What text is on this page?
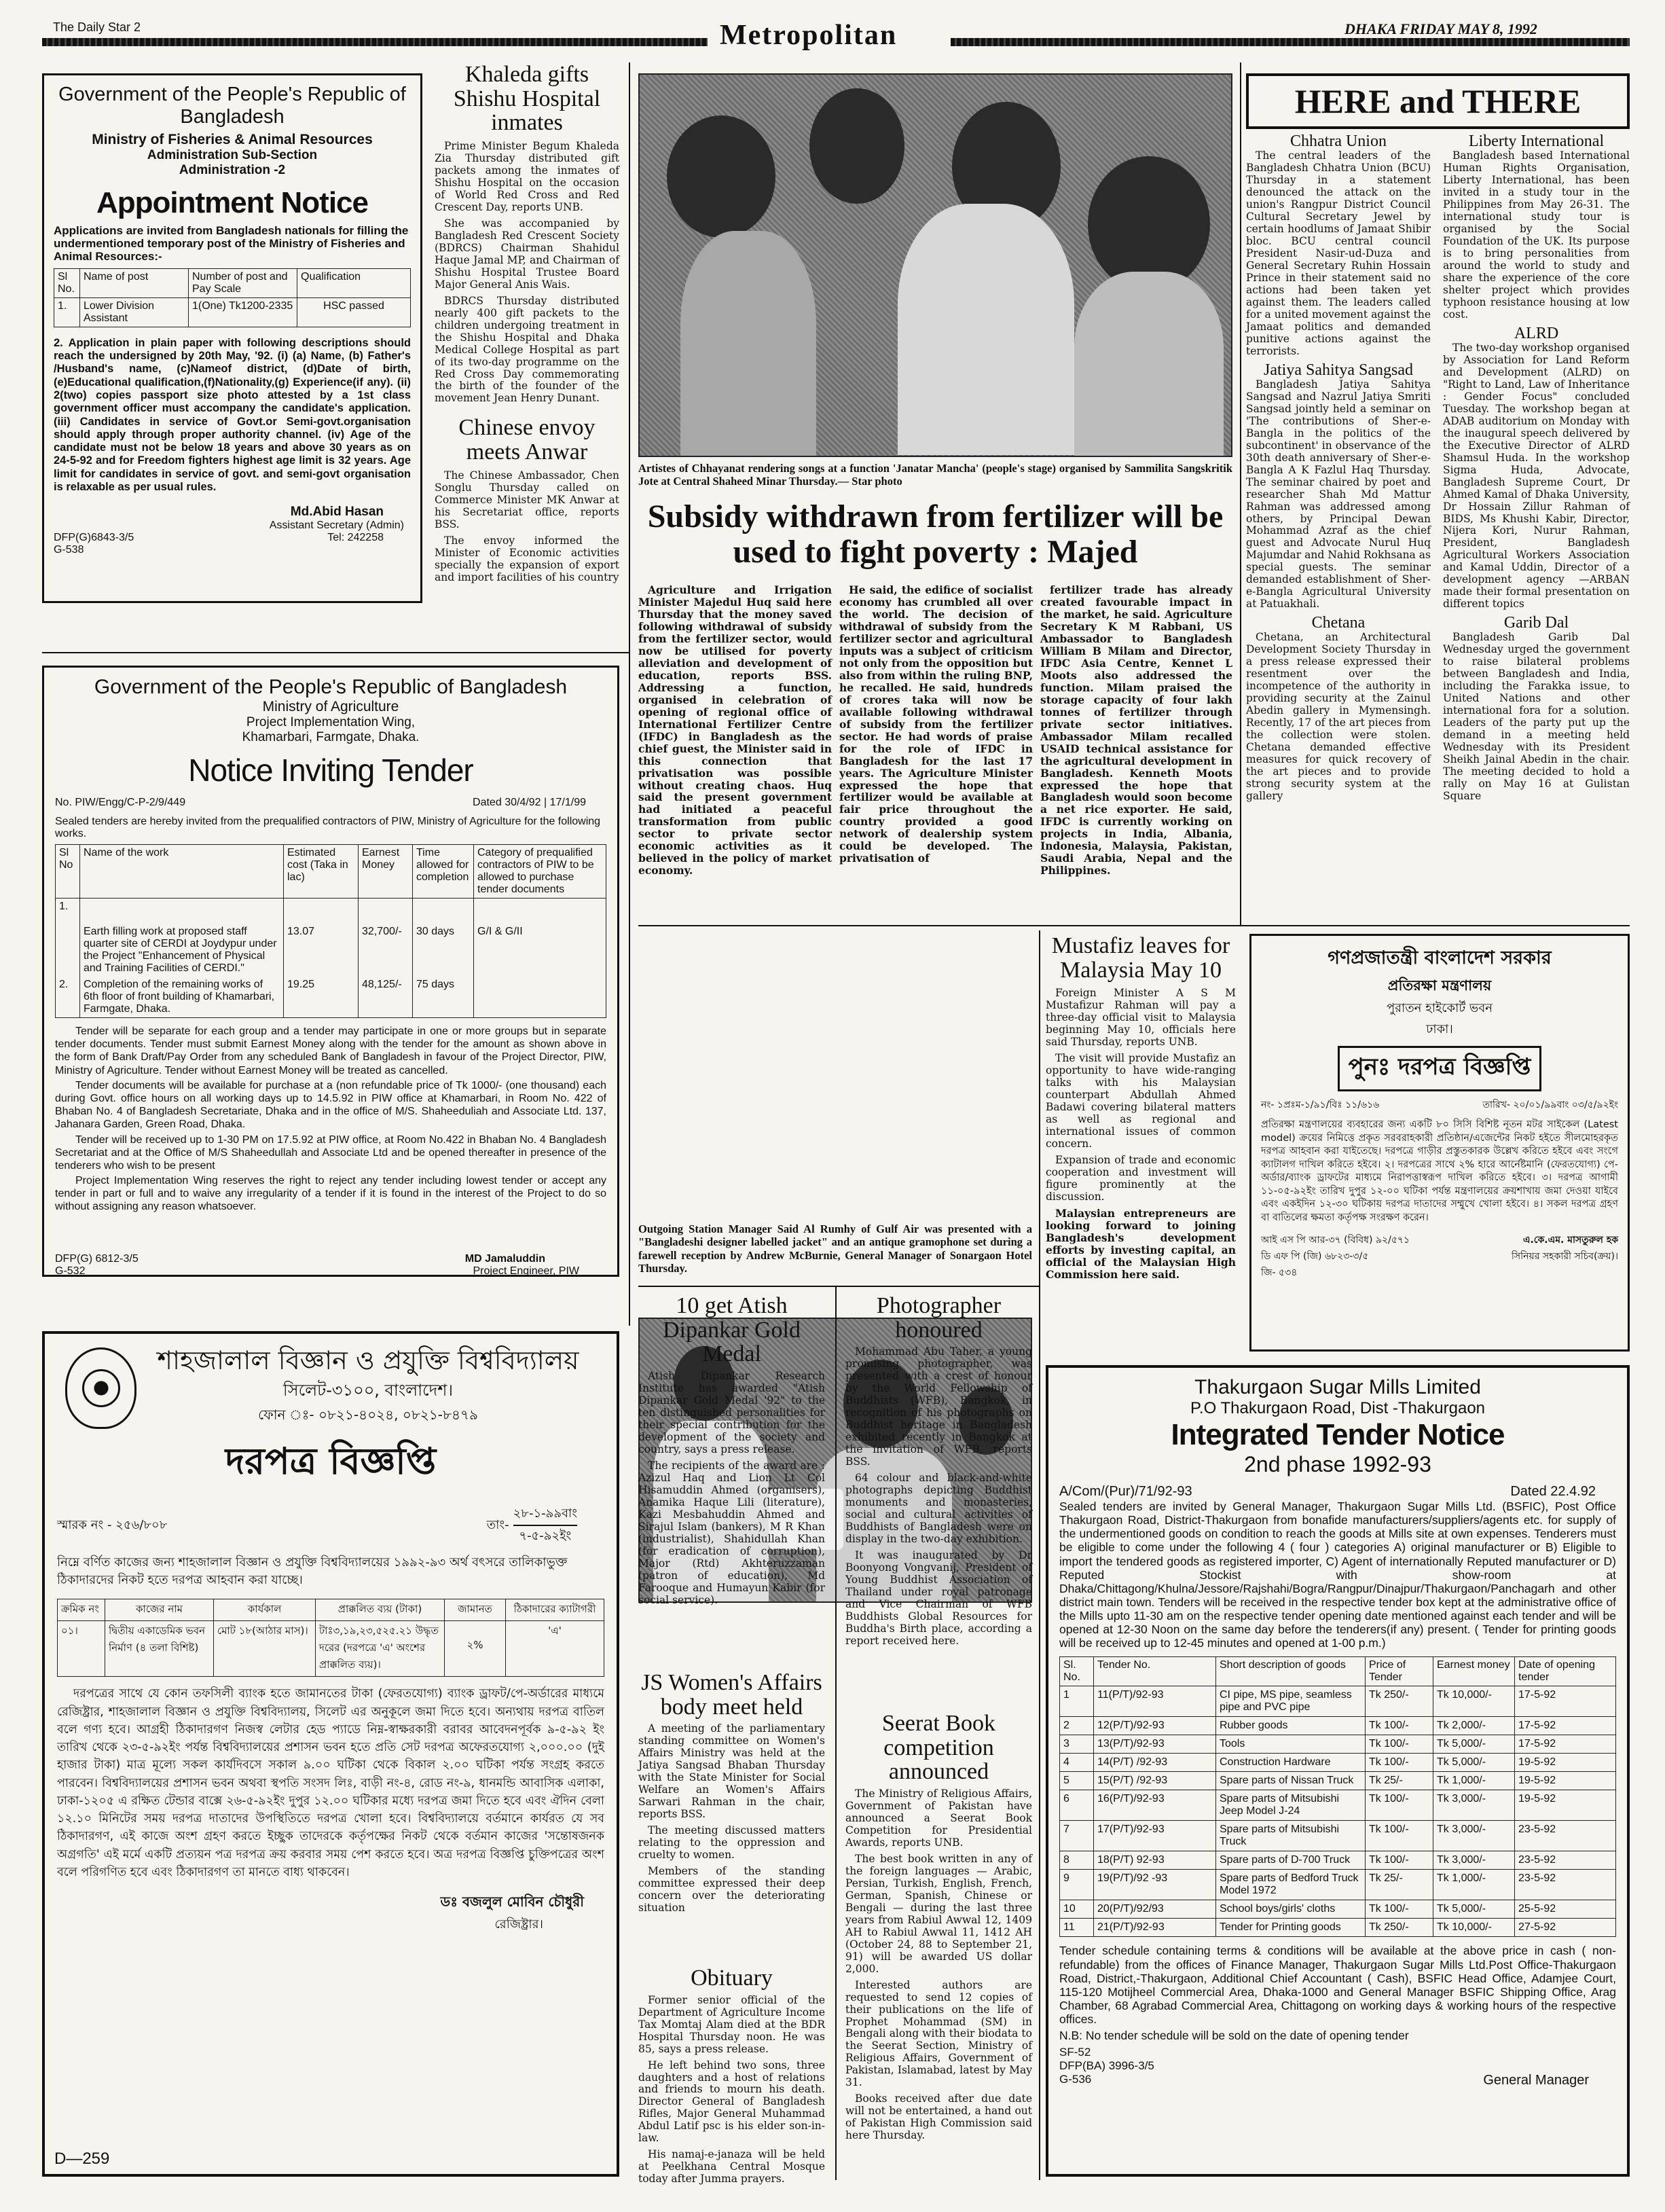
The Daily Star 2	Metropolitan	DHAKA FRIDAY MAY 8, 1992
Government of the People's Republic of Bangladesh
Ministry of Fisheries & Animal Resources
Administration Sub-Section
Administration -2
Appointment Notice
Applications are invited from Bangladesh nationals for filling the undermentioned temporary post of the Ministry of Fisheries and Animal Resources:-
Sl No.	Name of post	Number of post and Pay Scale	Qualification
1.	Lower Division Assistant	1(One) Tk1200-2335	HSC passed
2. Application in plain paper with following descriptions should reach the undersigned by 20th May, '92. (i) (a) Name, (b) Father's /Husband's name, (c)Nameof district, (d)Date of birth, (e)Educational qualification,(f)Nationality,(g) Experience(if any). (ii) 2(two) copies passport size photo attested by a 1st class government officer must accompany the candidate's application. (iii) Candidates in service of Govt.or Semi-govt.organisation should apply through proper authority channel. (iv) Age of the candidate must not be below 18 years and above 30 years as on 24-5-92 and for Freedom fighters highest age limit is 32 years. Age limit for candidates in service of govt. and semi-govt organisation is relaxable as per usual rules.
Md.Abid Hasan
Assistant Secretary (Admin)
DFP(G)6843-3/5	Tel: 242258
G-538
Khaleda gifts Shishu Hospital inmates

Prime Minister Begum Khaleda Zia Thursday distributed gift packets among the inmates of Shishu Hospital on the occasion of World Red Cross and Red Crescent Day, reports UNB.

She was accompanied by Bangladesh Red Crescent Society (BDRCS) Chairman Shahidul Haque Jamal MP, and Chairman of Shishu Hospital Trustee Board Major General Anis Wais.

BDRCS Thursday distributed nearly 400 gift packets to the children undergoing treatment in the Shishu Hospital and Dhaka Medical College Hospital as part of its two-day programme on the Red Cross Day commemorating the birth of the founder of the movement Jean Henry Dunant.

Chinese envoy meets Anwar

The Chinese Ambassador, Chen Songlu Thursday called on Commerce Minister MK Anwar at his Secretariat office, reports BSS.

The envoy informed the Minister of Economic activities specially the expansion of export and import facilities of his country

Artistes of Chhayanat rendering songs at a function 'Janatar Mancha' (people's stage) organised by Sammilita Sangskritik Jote at Central Shaheed Minar Thursday.— Star photo
Subsidy withdrawn from fertilizer will be used to fight poverty : Majed

Agriculture and Irrigation Minister Majedul Huq said here Thursday that the money saved following withdrawal of subsidy from the fertilizer sector, would now be utilised for poverty alleviation and development of education, reports BSS. Addressing a function, organised in celebration of opening of regional office of International Fertilizer Centre (IFDC) in Bangladesh as the chief guest, the Minister said in this connection that privatisation was possible without creating chaos. Huq said the present government had initiated a peaceful transformation from public sector to private sector economic activities as it believed in the policy of market economy.

He said, the edifice of socialist economy has crumbled all over the world. The decision of withdrawal of subsidy from the fertilizer sector and agricultural inputs was a subject of criticism not only from the opposition but also from within the ruling BNP, he recalled. He said, hundreds of crores taka will now be available following withdrawal of subsidy from the fertilizer sector. He had words of praise for the role of IFDC in Bangladesh for the last 17 years. The Agriculture Minister expressed the hope that fertilizer would be available at fair price throughout the country provided a good network of dealership system could be developed. The privatisation of

fertilizer trade has already created favourable impact in the market, he said. Agriculture Secretary K M Rabbani, US Ambassador to Bangladesh William B Milam and Director, IFDC Asia Centre, Kennet L Moots also addressed the function. Milam praised the storage capacity of four lakh tonnes of fertilizer through private sector initiatives. Ambassador Milam recalled USAID technical assistance for the agricultural development in Bangladesh. Kenneth Moots expressed the hope that Bangladesh would soon become a net rice exporter. He said, IFDC is currently working on projects in India, Albania, Indonesia, Malaysia, Pakistan, Saudi Arabia, Nepal and the Philippines.

HERE and THERE
Chhatra Union

The central leaders of the Bangladesh Chhatra Union (BCU) Thursday in a statement denounced the attack on the union's Rangpur District Council Cultural Secretary Jewel by certain hoodlums of Jamaat Shibir bloc. BCU central council President Nasir-ud-Duza and General Secretary Ruhin Hossain Prince in their statement said no actions had been taken yet against them. The leaders called for a united movement against the Jamaat politics and demanded punitive actions against the terrorists.

Jatiya Sahitya Sangsad

Bangladesh Jatiya Sahitya Sangsad and Nazrul Jatiya Smriti Sangsad jointly held a seminar on 'The contributions of Sher-e-Bangla in the politics of the subcontinent' in observance of the 30th death anniversary of Sher-e-Bangla A K Fazlul Haq Thursday. The seminar chaired by poet and researcher Shah Md Mattur Rahman was addressed among others, by Principal Dewan Mohammad Azraf as the chief guest and Advocate Nurul Huq Majumdar and Nahid Rokhsana as special guests. The seminar demanded establishment of Sher-e-Bangla Agricultural University at Patuakhali.

Chetana

Chetana, an Architectural Development Society Thursday in a press release expressed their resentment over the incompetence of the authority in providing security at the Zainul Abedin gallery in Mymensingh. Recently, 17 of the art pieces from the collection were stolen. Chetana demanded effective measures for quick recovery of the art pieces and to provide strong security system at the gallery

Liberty International

Bangladesh based International Human Rights Organisation, Liberty International, has been invited in a study tour in the Philippines from May 26-31. The international study tour is organised by the Social Foundation of the UK. Its purpose is to bring personalities from around the world to study and share the experience of the core shelter project which provides typhoon resistance housing at low cost.

ALRD

The two-day workshop organised by Association for Land Reform and Development (ALRD) on "Right to Land, Law of Inheritance : Gender Focus" concluded Tuesday. The workshop began at ADAB auditorium on Monday with the inaugural speech delivered by the Executive Director of ALRD Shamsul Huda. In the workshop Sigma Huda, Advocate, Bangladesh Supreme Court, Dr Ahmed Kamal of Dhaka University, Dr Hossain Zillur Rahman of BIDS, Ms Khushi Kabir, Director, Nijera Kori, Nurur Rahman, President, Bangladesh Agricultural Workers Association and Kamal Uddin, Director of a development agency —ARBAN made their formal presentation on different topics

Garib Dal

Bangladesh Garib Dal Wednesday urged the government to raise bilateral problems between Bangladesh and India, including the Farakka issue, to United Nations and other international fora for a solution. Leaders of the party put up the demand in a meeting held Wednesday with its President Sheikh Jainal Abedin in the chair. The meeting decided to hold a rally on May 16 at Gulistan Square

Government of the People's Republic of Bangladesh
Ministry of Agriculture
Project Implementation Wing,
Khamarbari, Farmgate, Dhaka.
Notice Inviting Tender
No. PIW/Engg/C-P-2/9/449	Dated 30/4/92 | 17/1/99
Sealed tenders are hereby invited from the prequalified contractors of PIW, Ministry of Agriculture for the following works.
Sl No	Name of the work	Estimated cost (Taka in lac)	Earnest Money	Time allowed for completion	Category of prequalified contractors of PIW to be allowed to purchase tender documents
1.	Earth filling work at proposed staff quarter site of CERDI at Joydypur under the Project "Enhancement of Physical and Training Facilities of CERDI."	13.07	32,700/-	30 days	G/I & G/II
2.	Completion of the remaining works of 6th floor of front building of Khamarbari, Farmgate, Dhaka.	19.25	48,125/-	75 days	
Tender will be separate for each group and a tender may participate in one or more groups but in separate tender documents. Tender must submit Earnest Money along with the tender for the amount as shown above in the form of Bank Draft/Pay Order from any scheduled Bank of Bangladesh in favour of the Project Director, PIW, Ministry of Agriculture. Tender without Earnest Money will be treated as cancelled.
Tender documents will be available for purchase at a (non refundable price of Tk 1000/- (one thousand) each during Govt. office hours on all working days up to 14.5.92 in PIW office at Khamarbari, in Room No. 422 of Bhaban No. 4 of Bangladesh Secretariate, Dhaka and in the office of M/S. Shaheeduliah and Associate Ltd. 137, Jahanara Garden, Green Road, Dhaka.
Tender will be received up to 1-30 PM on 17.5.92 at PIW office, at Room No.422 in Bhaban No. 4 Bangladesh Secretariat and at the Office of M/S Shaheedullah and Associate Ltd and be opened thereafter in presence of the tenderers who wish to be present
Project Implementation Wing reserves the right to reject any tender including lowest tender or accept any tender in part or full and to waive any irregularity of a tender if it is found in the interest of the Project to do so without assigning any reason whatsoever.
DFP(G) 6812-3/5	MD Jamaluddin
G-532	Project Engineer, PIW
Outgoing Station Manager Said Al Rumhy of Gulf Air was presented with a "Bangladeshi designer labelled jacket" and an antique gramophone set during a farewell reception by Andrew McBurnie, General Manager of Sonargaon Hotel Thursday.
Mustafiz leaves for Malaysia May 10

Foreign Minister A S M Mustafizur Rahman will pay a three-day official visit to Malaysia beginning May 10, officials here said Thursday, reports UNB.

The visit will provide Mustafiz an opportunity to have wide-ranging talks with his Malaysian counterpart Abdullah Ahmed Badawi covering bilateral matters as well as regional and international issues of common concern.

Expansion of trade and economic cooperation and investment will figure prominently at the discussion.

Malaysian entrepreneurs are looking forward to joining Bangladesh's development efforts by investing capital, an official of the Malaysian High Commission here said.

গণপ্রজাতন্ত্রী বাংলাদেশ সরকার
প্রতিরক্ষা মন্ত্রণালয়
পুরাতন হাইকোর্ট ভবন
ঢাকা।
পুনঃ দরপত্র বিজ্ঞপ্তি
নং- ১প্রঃম-১/৯১/বিঃ ১১/৬১৬	তারিখ- ২০/০১/৯৯বাং ০৩/৫/৯২ইং
প্রতিরক্ষা মন্ত্রণালয়ের ব্যবহারের জন্য একটি ৮০ সিসি বিশিষ্ট নূতন মটর সাইকেল (Latest model) ক্রয়ের নিমিত্তে প্রকৃত সরবরাহকারী প্রতিষ্ঠান/এজেন্টের নিকট হইতে সীলমোহরকৃত দরপত্র আহবান করা যাইতেছে। দরপত্রে গাড়ীর প্রস্তুতকারক উল্লেখ করিতে হইবে এবং সংগে ক্যাটালগ দাখিল করিতে হইবে। ২। দরপত্রের সাথে ২% হারে আর্নেষ্টমানি (ফেরতযোগ্য) পে-অর্ডার/ব্যাংক ড্রাফটের মাধ্যমে নিরাপত্তাস্বরূপ দাখিল করিতে হইবে। ৩। দরপত্র আগামী ১১-০৫-৯২ইং তারিখ দুপুর ১২-০০ ঘটিকা পর্যন্ত মন্ত্রণালয়ের ক্রয়শাখায় জমা দেওয়া যাইবে এবং একইদিন ১২-৩০ ঘটিকায় দরপত্র দাতাদের সম্মুখে খোলা হইবে। ৪। সকল দরপত্র গ্রহণ বা বাতিলের ক্ষমতা কর্তৃপক্ষ সংরক্ষণ করেন।
আই এস পি আর-৩৭ (বিবিধ) ৯২/৫৭১
ডি এফ পি (জি) ৬৮২৩-৩/৫
জি- ৫৩৪
এ.কে.এম. মাসতুরুল হক
সিনিয়র সহকারী সচিব(ক্রয়)।
শাহজালাল বিজ্ঞান ও প্রযুক্তি বিশ্ববিদ্যালয়
সিলেট-৩১০০, বাংলাদেশ।
ফোন ঃ- ০৮২১-৪০২৪, ০৮২১-৮৪৭৯
দরপত্র বিজ্ঞপ্তি
স্মারক নং - ২৫৬/৮০৮	তাং-
২৮-১-৯৯বাং
৭-৫-৯২ইং
নিম্নে বর্ণিত কাজের জন্য শাহজালাল বিজ্ঞান ও প্রযুক্তি বিশ্ববিদ্যালয়ের ১৯৯২-৯৩ অর্থ বৎসরে তালিকাভুক্ত ঠিকাদারদের নিকট হতে দরপত্র আহবান করা যাচ্ছে।
ক্রমিক নং	কাজের নাম	কার্যকাল	প্রাক্কলিত ব্যয় (টাকা)	জামানত	ঠিকাদারের ক্যাটাগরী
০১।	দ্বিতীয় একাডেমিক ভবন নির্মাণ (৪ তলা বিশিষ্ট)	মোট ১৮(আঠার মাস)।	টাঃ৩,১৯,২৩,৫২৫.২১ উদ্ধৃত দরের (দরপত্রে 'এ' অংশের প্রাক্কলিত ব্যয়)।	২%	'এ'
দরপত্রের সাথে যে কোন তফসিলী ব্যাংক হতে জামানতের টাকা (ফেরতযোগ্য) ব্যাংক ড্রাফট/পে-অর্ডারের মাধ্যমে রেজিষ্ট্রার, শাহজালাল বিজ্ঞান ও প্রযুক্তি বিশ্ববিদ্যালয়, সিলেট এর অনুকূলে জমা দিতে হবে। অন্যথায় দরপত্র বাতিল বলে গণ্য হবে। আগ্রহী ঠিকাদারগণ নিজস্ব লেটার হেড প্যাডে নিম্ন-স্বাক্ষরকারী বরাবর আবেদনপূর্বক ৯-৫-৯২ ইং তারিখ থেকে ২৩-৫-৯২ইং পর্যন্ত বিশ্ববিদ্যালয়ের প্রশাসন ভবন হতে প্রতি সেট দরপত্র অফেরতযোগ্য ২,০০০.০০ (দুই হাজার টাকা) মাত্র মূল্যে সকল কার্যদিবসে সকাল ৯.০০ ঘটিকা থেকে বিকাল ২.০০ ঘটিকা পর্যন্ত সংগ্রহ করতে পারবেন। বিশ্ববিদ্যালয়ের প্রশাসন ভবন অথবা স্থপতি সংসদ লিঃ, বাড়ী নং-৪, রোড নং-৯, ধানমন্ডি আবাসিক এলাকা, ঢাকা-১২০৫ এ রক্ষিত টেন্ডার বাক্সে ২৬-৫-৯২ইং দুপুর ১২.০০ ঘটিকার মধ্যে দরপত্র জমা দিতে হবে এবং ঐদিন বেলা ১২.১০ মিনিটের সময় দরপত্র দাতাদের উপস্থিতিতে দরপত্র খোলা হবে। বিশ্ববিদ্যালয়ে বর্তমানে কার্যরত যে সব ঠিকাদারগণ, এই কাজে অংশ গ্রহণ করতে ইচ্ছুক তাদেরকে কর্তৃপক্ষের নিকট থেকে বর্তমান কাজের 'সন্তোষজনক অগ্রগতি' এই মর্মে একটি প্রত্যয়ন পত্র দরপত্র ক্রয় করবার সময় পেশ করতে হবে। অত্র দরপত্র বিজ্ঞপ্তি চুক্তিপত্রের অংশ বলে পরিগণিত হবে এবং ঠিকাদারগণ তা মানতে বাধ্য থাকবেন।
ডঃ বজলুল মোবিন চৌধুরী
রেজিষ্ট্রার।
D—259
10 get Atish Dipankar Gold Medal

Atish Dipankar Research Institute has awarded "Atish Dipankar Gold Medal '92" to the ten distinguished personalities for their special contribution for the development of the society and country, says a press release.

The recipients of the award are : Azizul Haq and Lion Lt Col Hisamuddin Ahmed (organisers), Anamika Haque Lili (literature), Kazi Mesbahuddin Ahmed and Sirajul Islam (bankers), M R Khan (industrialist), Shahidullah Khan (for eradication of corruption), Major (Rtd) Akhteruzzaman (patron of education), Md Farooque and Humayun Kabir (for social service).

JS Women's Affairs body meet held

A meeting of the parliamentary standing committee on Women's Affairs Ministry was held at the Jatiya Sangsad Bhaban Thursday with the State Minister for Social Welfare an Women's Affairs Sarwari Rahman in the chair, reports BSS.

The meeting discussed matters relating to the oppression and cruelty to women.

Members of the standing committee expressed their deep concern over the deteriorating situation

Obituary

Former senior official of the Department of Agriculture Income Tax Momtaj Alam died at the BDR Hospital Thursday noon. He was 85, says a press release.

He left behind two sons, three daughters and a host of relations and friends to mourn his death. Director General of Bangladesh Rifles, Major General Muhammad Abdul Latif psc is his elder son-in-law.

His namaj-e-janaza will be held at Peelkhana Central Mosque today after Jumma prayers.

Photographer honoured

Mohammad Abu Taher, a young promising photographer, was presented with a crest of honour by the World Fellowship of Buddhists (WFB), Bangkok, in recognition of his photographs on Buddhist heritage in Bangladesh exhibited recently in Bangkok at the invitation of WFB, reports BSS.

64 colour and black-and-white photographs depicting Buddhist monuments and monasteries, social and cultural activities of Buddhists of Bangladesh were on display in the two-day exhibition.

It was inaugurated by Dr Boonyong Vongvanij, President of Young Buddhist Association of Thailand under royal patronage and Vice Chairman of WFB Buddhists Global Resources for Buddha's Birth place, according a report received here.

Seerat Book competition announced

The Ministry of Religious Affairs, Government of Pakistan have announced a Seerat Book Competition for Presidential Awards, reports UNB.

The best book written in any of the foreign languages — Arabic, Persian, Turkish, English, French, German, Spanish, Chinese or Bengali — during the last three years from Rabiul Awwal 12, 1409 AH to Rabiul Awwal 11, 1412 AH (October 24, 88 to September 21, 91) will be awarded US dollar 2,000.

Interested authors are requested to send 12 copies of their publications on the life of Prophet Mohammad (SM) in Bengali along with their biodata to the Seerat Section, Ministry of Religious Affairs, Government of Pakistan, Islamabad, latest by May 31.

Books received after due date will not be entertained, a hand out of Pakistan High Commission said here Thursday.

Thakurgaon Sugar Mills Limited
P.O Thakurgaon Road, Dist -Thakurgaon
Integrated Tender Notice
2nd phase 1992-93
A/Com/(Pur)/71/92-93	Dated 22.4.92
Sealed tenders are invited by General Manager, Thakurgaon Sugar Mills Ltd. (BSFIC), Post Office Thakurgaon Road, District-Thakurgaon from bonafide manufacturers/suppliers/agents etc. for supply of the undermentioned goods on condition to reach the goods at Mills site at own expenses. Tenderers must be eligible to come under the following 4 ( four ) categories A) original manufacturer or B) Eligible to import the tendered goods as registered importer, C) Agent of internationally Reputed manufacturer or D) Reputed Stockist with show-room at Dhaka/Chittagong/Khulna/Jessore/Rajshahi/Bogra/Rangpur/Dinajpur/Thakurgaon/Panchagarh and other district main town. Tenders will be received in the respective tender box kept at the administrative office of the Mills upto 11-30 am on the respective tender opening date mentioned against each tender and will be opened at 12-30 Noon on the same day before the tenderers(if any) present. ( Tender for printing goods will be received up to 12-45 minutes and opened at 1-00 p.m.)
Sl. No.	Tender No.	Short description of goods	Price of Tender	Earnest money	Date of opening tender
1	11(P/T)/92-93	CI pipe, MS pipe, seamless pipe and PVC pipe	Tk 250/-	Tk 10,000/-	17-5-92
2	12(P/T)/92-93	Rubber goods	Tk 100/-	Tk 2,000/-	17-5-92
3	13(P/T)/92-93	Tools	Tk 100/-	Tk 5,000/-	17-5-92
4	14(P/T) /92-93	Construction Hardware	Tk 100/-	Tk 5,000/-	19-5-92
5	15(P/T) /92-93	Spare parts of Nissan Truck	Tk 25/-	Tk 1,000/-	19-5-92
6	16(P/T)/92-93	Spare parts of Mitsubishi Jeep Model J-24	Tk 100/-	Tk 3,000/-	19-5-92
7	17(P/T)/92-93	Spare parts of Mitsubishi Truck	Tk 100/-	Tk 3,000/-	23-5-92
8	18(P/T) 92-93	Spare parts of D-700 Truck	Tk 100/-	Tk 3,000/-	23-5-92
9	19(P/T)/92 -93	Spare parts of Bedford Truck Model 1972	Tk 25/-	Tk 1,000/-	23-5-92
10	20(P/T)/92/93	School boys/girls' cloths	Tk 100/-	Tk 5,000/-	25-5-92
11	21(P/T)/92-93	Tender for Printing goods	Tk 250/-	Tk 10,000/-	27-5-92
Tender schedule containing terms & conditions will be available at the above price in cash ( non-refundable) from the offices of Finance Manager, Thakurgaon Sugar Mills Ltd.Post Office-Thakurgaon Road, District,-Thakurgaon, Additional Chief Accountant ( Cash), BSFIC Head Office, Adamjee Court, 115-120 Motijheel Commercial Area, Dhaka-1000 and General Manager BSFIC Shipping Office, Arag Chamber, 68 Agrabad Commercial Area, Chittagong on working days & working hours of the respective offices.
N.B: No tender schedule will be sold on the date of opening tender
SF-52
DFP(BA) 3996-3/5
G-536	General Manager
